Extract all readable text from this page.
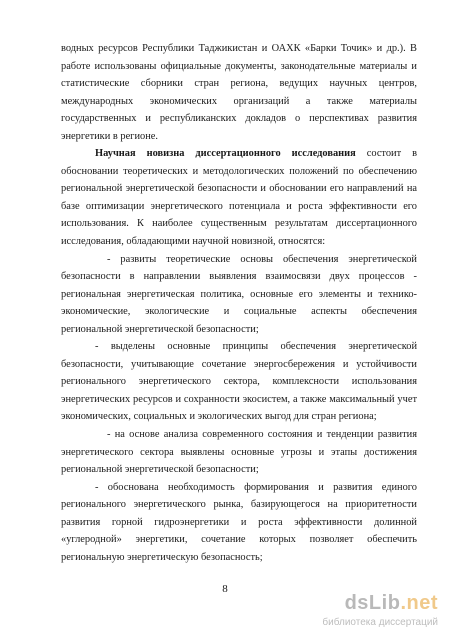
водных ресурсов Республики Таджикистан и ОАХК «Барки Точик» и др.). В работе использованы официальные документы, законодательные материалы и статистические сборники стран региона, ведущих научных центров, международных экономических организаций а также материалы государственных и республиканских докладов о перспективах развития энергетики в регионе.

Научная новизна диссертационного исследования состоит в обосновании теоретических и методологических положений по обеспечению региональной энергетической безопасности и обосновании его направлений на базе оптимизации энергетического потенциала и роста эффективности его использования. К наиболее существенным результатам диссертационного исследования, обладающими научной новизной, относятся:

- развиты теоретические основы обеспечения энергетической безопасности в направлении выявления взаимосвязи двух процессов - региональная энергетическая политика, основные его элементы и технико-экономические, экологические и социальные аспекты обеспечения региональной энергетической безопасности;

- выделены основные принципы обеспечения энергетической безопасности, учитывающие сочетание энергосбережения и устойчивости регионального энергетического сектора, комплексности использования энергетических ресурсов и сохранности экосистем, а также максимальный учет экономических, социальных и экологических выгод для стран региона;

- на основе анализа современного состояния и тенденции развития энергетического сектора выявлены основные угрозы и этапы достижения региональной энергетической безопасности;

- обоснована необходимость формирования и развития единого регионального энергетического рынка, базирующегося на приоритетности развития горной гидроэнергетики и роста эффективности долинной «углеродной» энергетики, сочетание которых позволяет обеспечить региональную энергетическую безопасность;

8
dsLib.net
библиотека диссертаций
